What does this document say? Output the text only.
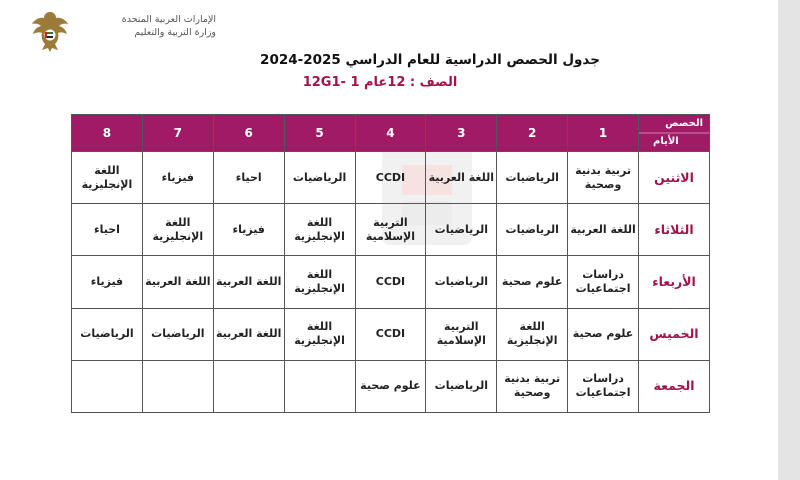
الإمارات العربية المتحدة
وزارة التربية والتعليم
جدول الحصص الدراسية للعام الدراسي 2025-2024
الصف : 12عام 1 -12G1
الحصص
الأيام	1	2	3	4	5	6	7	8
الاثنين	تربية بدنية وصحية	الرياضيات	اللغة العربية	CCDI	الرياضيات	احياء	فيزياء	اللغة الإنجليزية
الثلاثاء	اللغة العربية	الرياضيات	الرياضيات	التربية الإسلامية	اللغة الإنجليزية	فيزياء	اللغة الإنجليزية	احياء
الأربعاء	دراسات اجتماعيات	علوم صحية	الرياضيات	CCDI	اللغة الإنجليزية	اللغة العربية	اللغة العربية	فيزياء
الخميس	علوم صحية	اللغة الإنجليزية	التربية الإسلامية	CCDI	اللغة الإنجليزية	اللغة العربية	الرياضيات	الرياضيات
الجمعة	دراسات اجتماعيات	تربية بدنية وصحية	الرياضيات	علوم صحية				
